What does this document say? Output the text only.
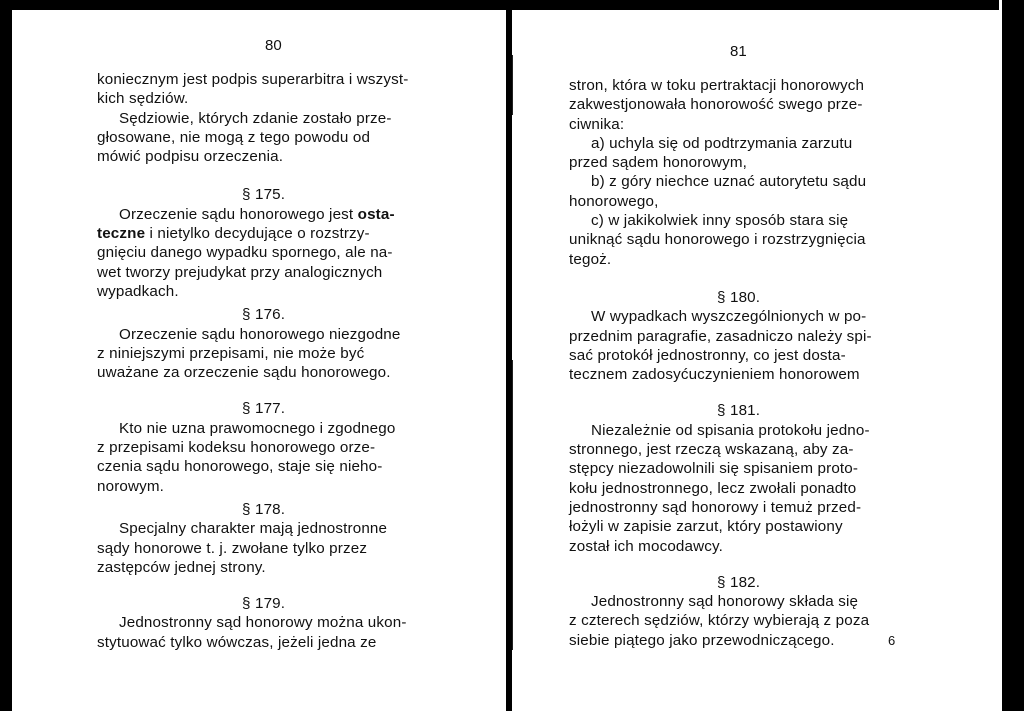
80

koniecznym jest podpis superarbitra i wszyst-

kich sędziów.

Sędziowie, których zdanie zostało prze-

głosowane, nie mogą z tego powodu od

mówić podpisu orzeczenia.

§ 175.

Orzeczenie sądu honorowego jest osta-

teczne i nietylko decydujące o rozstrzy-

gnięciu danego wypadku spornego, ale na-

wet tworzy prejudykat przy analogicznych

wypadkach.

§ 176.

Orzeczenie sądu honorowego niezgodne

z niniejszymi przepisami, nie może być

uważane za orzeczenie sądu honorowego.

§ 177.

Kto nie uzna prawomocnego i zgodnego

z przepisami kodeksu honorowego orze-

czenia sądu honorowego, staje się nieho-

norowym.

§ 178.

Specjalny charakter mają jednostronne

sądy honorowe t. j. zwołane tylko przez

zastępców jednej strony.

§ 179.

Jednostronny sąd honorowy można ukon-

stytuować tylko wówczas, jeżeli jedna ze

81

stron, która w toku pertraktacji honorowych

zakwestjonowała honorowość swego prze-

ciwnika:

a) uchyla się od podtrzymania zarzutu

przed sądem honorowym,

b) z góry niechce uznać autorytetu sądu

honorowego,

c) w jakikolwiek inny sposób stara się

uniknąć sądu honorowego i rozstrzygnięcia

tegoż.

§ 180.

W wypadkach wyszczególnionych w po-

przednim paragrafie, zasadniczo należy spi-

sać protokół jednostronny, co jest dosta-

tecznem zadosyćuczynieniem honorowem

§ 181.

Niezależnie od spisania protokołu jedno-

stronnego, jest rzeczą wskazaną, aby za-

stępcy niezadowolnili się spisaniem proto-

kołu jednostronnego, lecz zwołali ponadto

jednostronny sąd honorowy i temuż przed-

łożyli w zapisie zarzut, który postawiony

został ich mocodawcy.

§ 182.

Jednostronny sąd honorowy składa się

z czterech sędziów, którzy wybierają z poza

siebie piątego jako przewodniczącego.	6
